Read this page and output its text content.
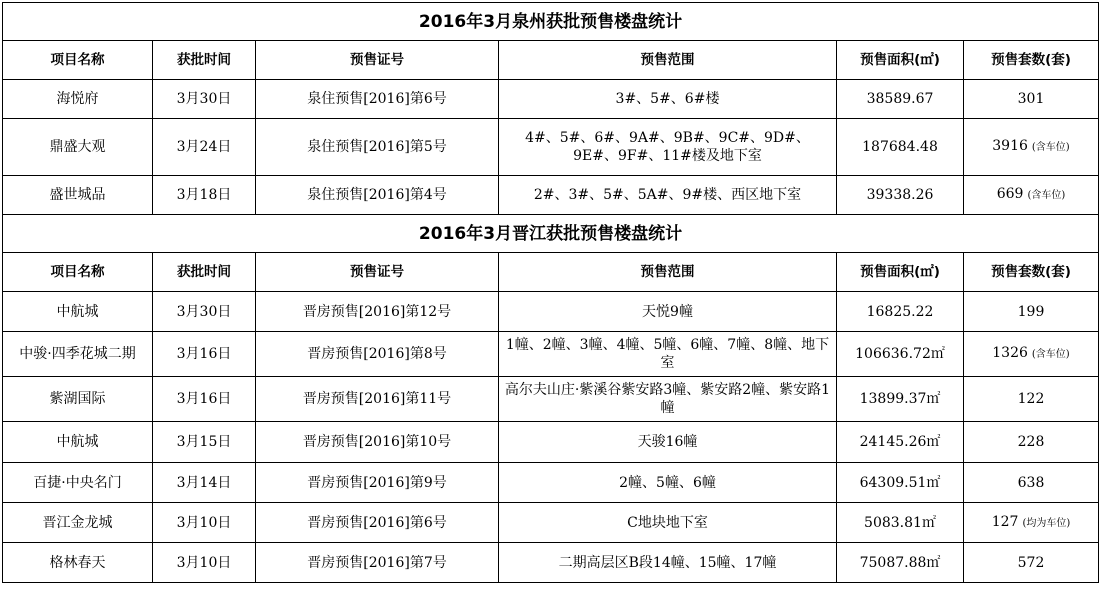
2016年3月泉州获批预售楼盘统计					
项目名称	获批时间	预售证号	预售范围	预售面积(㎡)	预售套数(套)
海悦府	3月30日	泉住预售[2016]第6号	3#、5#、6#楼	38589.67	301
鼎盛大观	3月24日	泉住预售[2016]第5号	4#、5#、6#、9A#、9B#、9C#、9D#、9E#、9F#、11#楼及地下室	187684.48	3916 (含车位)
盛世城品	3月18日	泉住预售[2016]第4号	2#、3#、5#、5A#、9#楼、西区地下室	39338.26	669 (含车位)
2016年3月晋江获批预售楼盘统计					
项目名称	获批时间	预售证号	预售范围	预售面积(㎡)	预售套数(套)
中航城	3月30日	晋房预售[2016]第12号	天悦9幢	16825.22	199
中骏·四季花城二期	3月16日	晋房预售[2016]第8号	1幢、2幢、3幢、4幢、5幢、6幢、7幢、8幢、地下室	106636.72㎡	1326 (含车位)
紫湖国际	3月16日	晋房预售[2016]第11号	高尔夫山庄·紫溪谷紫安路3幢、紫安路2幢、紫安路1幢	13899.37㎡	122
中航城	3月15日	晋房预售[2016]第10号	天骏16幢	24145.26㎡	228
百捷·中央名门	3月14日	晋房预售[2016]第9号	2幢、5幢、6幢	64309.51㎡	638
晋江金龙城	3月10日	晋房预售[2016]第6号	C地块地下室	5083.81㎡	127 (均为车位)
格林春天	3月10日	晋房预售[2016]第7号	二期高层区B段14幢、15幢、17幢	75087.88㎡	572
